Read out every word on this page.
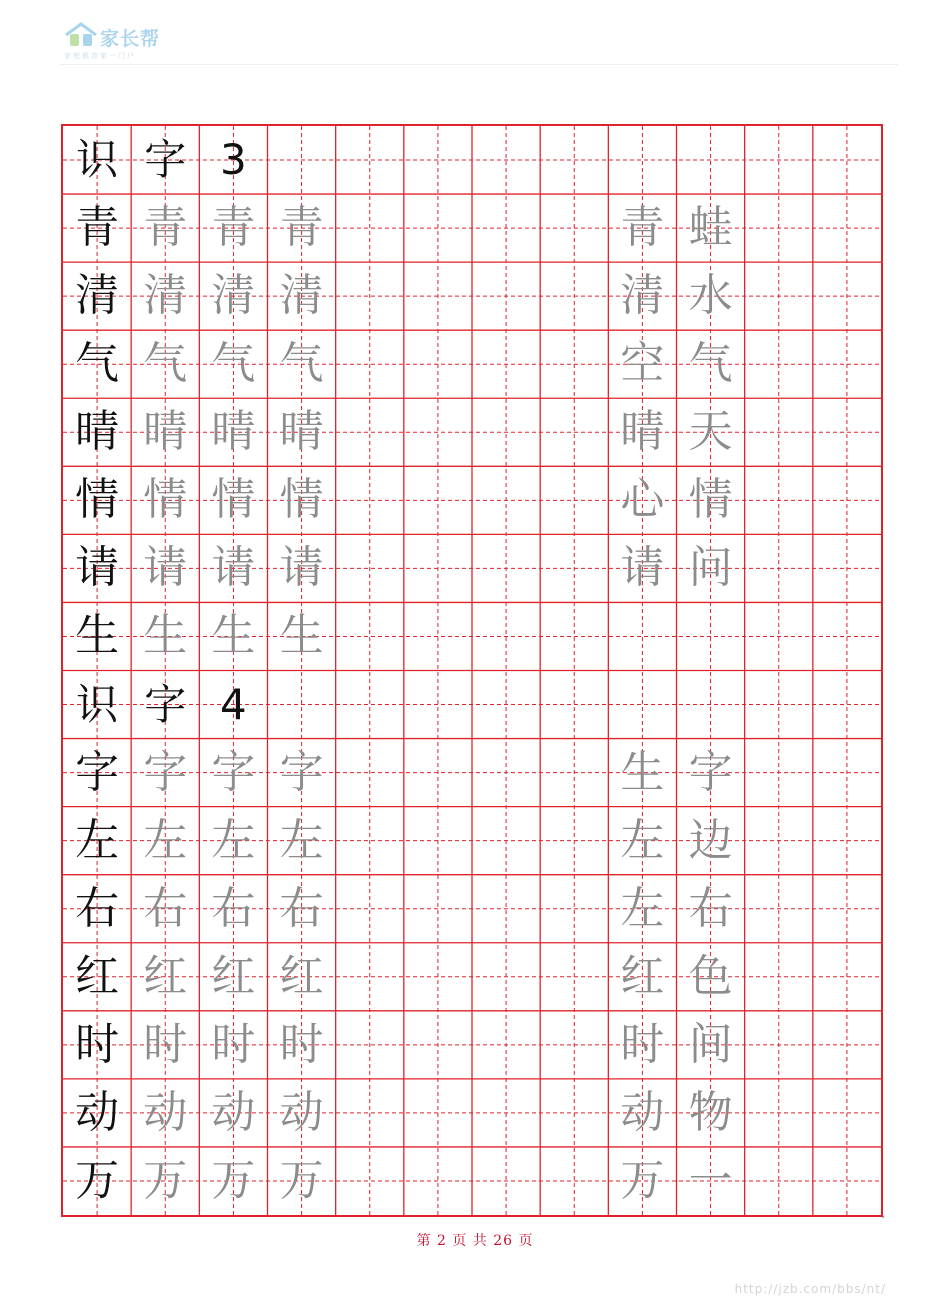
家长帮
家庭教育第一门户
识 字 3
青 青 青 青	青 蛙
清 清 清 清	清 水
气 气 气 气	空 气
晴 晴 晴 晴	晴 天
情 情 情 情	心 情
请 请 请 请	请 问
生 生 生 生
识 字 4
字 字 字 字	生 字
左 左 左 左	左 边
右 右 右 右	左 右
红 红 红 红	红 色
时 时 时 时	时 间
动 动 动 动	动 物
万 万 万 万	万 一
'
第 2 页 共 26 页
http://jzb.com/bbs/nt/
